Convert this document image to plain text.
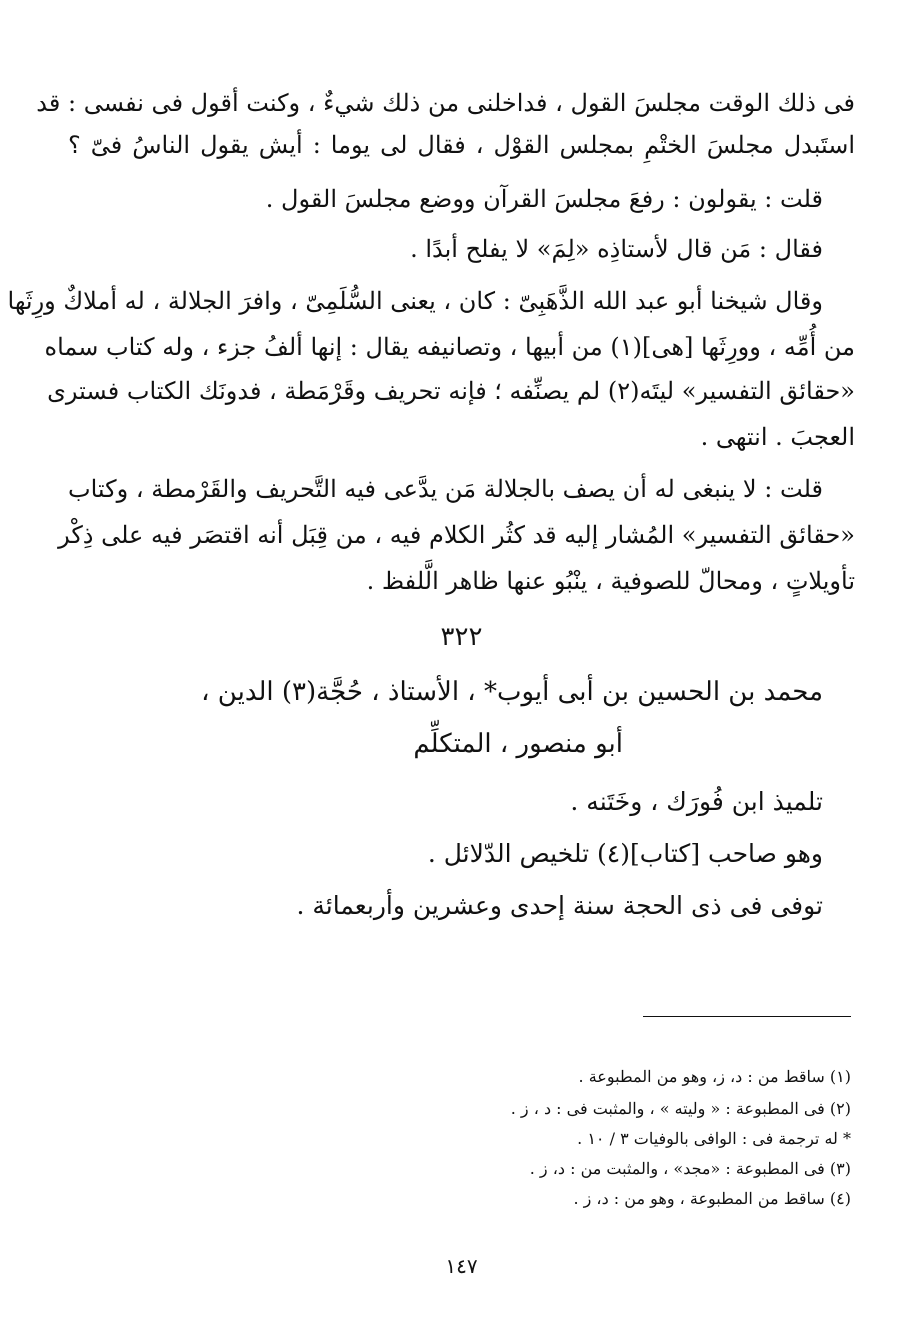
فى ذلك الوقت مجلسَ القول ، فداخلنى من ذلك شيءٌ ، وكنت أقول فى نفسى : قد
استَبدل مجلسَ الختْمِ بمجلس القوْل ، فقال لى يوما : أيش يقول الناسُ فىّ ؟
قلت : يقولون : رفعَ مجلسَ القرآن ووضع مجلسَ القول .
فقال : مَن قال لأستاذِه «لِمَ» لا يفلح أبدًا .
وقال شيخنا أبو عبد الله الذَّهَبِىّ : كان ، يعنى السُّلَمِىّ ، وافرَ الجلالة ، له أملاكٌ ورِثَها
من أُمِّه ، وورِثَها [هى](١) من أبيها ، وتصانيفه يقال : إنها ألفُ جزء ، وله كتاب سماه
«حقائق التفسير» ليتَه(٢) لم يصنِّفه ؛ فإنه تحريف وقَرْمَطة ، فدونَك الكتاب فسترى
العجبَ . انتهى .
قلت : لا ينبغى له أن يصف بالجلالة مَن يدَّعى فيه التَّحريف والقَرْمطة ، وكتاب
«حقائق التفسير» المُشار إليه قد كثُر الكلام فيه ، من قِبَل أنه اقتصَر فيه على ذِكْر
تأويلاتٍ ، ومحالّ للصوفية ، ينْبُو عنها ظاهر الَّلفظ .
٣٢٢
محمد بن الحسين بن أبى أيوب* ، الأستاذ ، حُجَّة(٣) الدين ،
أبو منصور ، المتكلِّم
تلميذ ابن فُورَك ، وخَتَنه .
وهو صاحب [كتاب](٤) تلخيص الدّلائل .
توفى فى ذى الحجة سنة إحدى وعشرين وأربعمائة .
(١) ساقط من : د، ز، وهو من المطبوعة .
(٢) فى المطبوعة : « وليته » ، والمثبت فى : د ، ز .
* له ترجمة فى : الوافى بالوفيات ٣ / ١٠ .
(٣) فى المطبوعة : «مجد» ، والمثبت من : د، ز .
(٤) ساقط من المطبوعة ، وهو من : د، ز .
١٤٧
